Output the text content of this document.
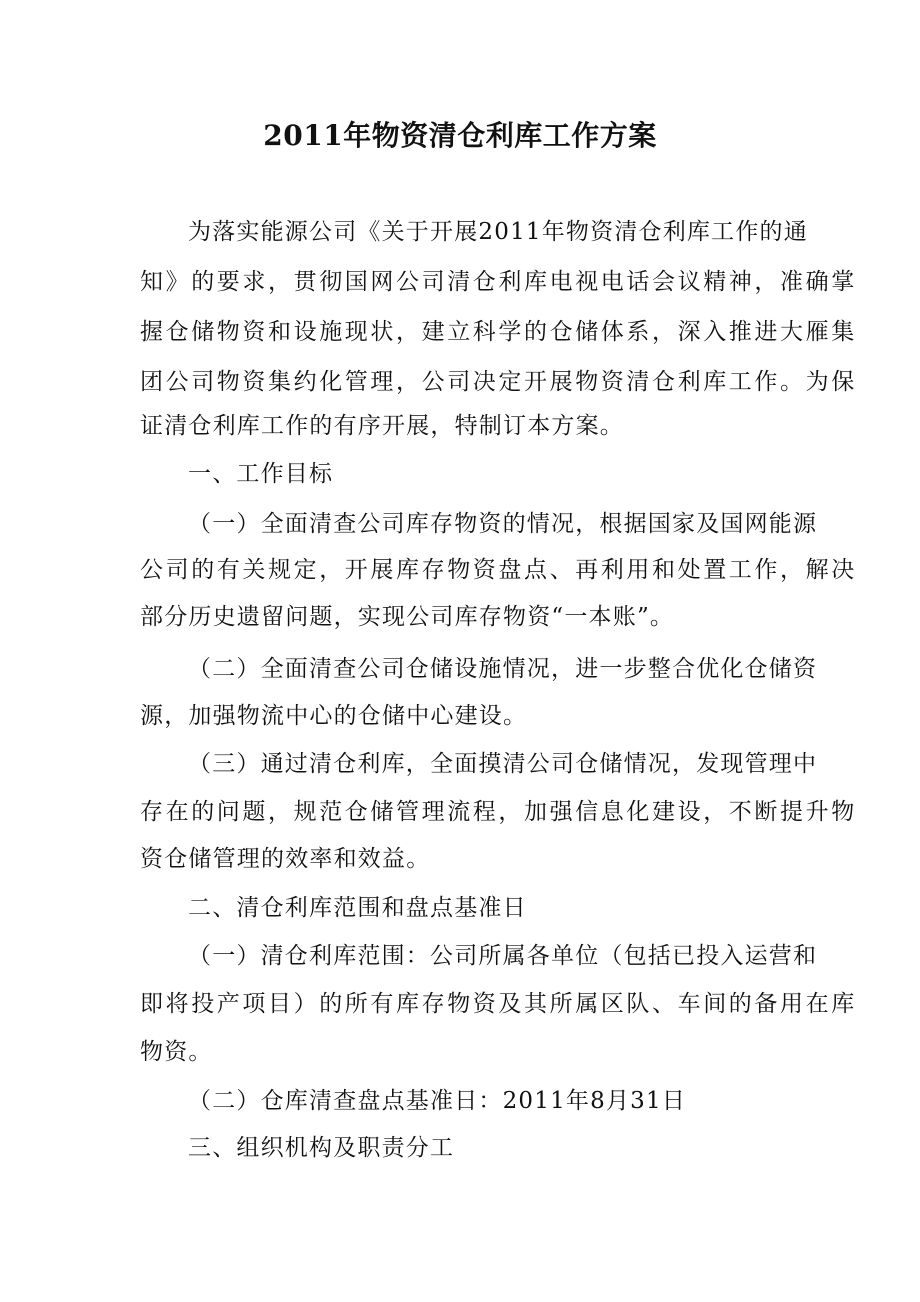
2011年物资清仓利库工作方案
为落实能源公司《关于开展2011年物资清仓利库工作的通
知》的要求，贯彻国网公司清仓利库电视电话会议精神，准确掌
握仓储物资和设施现状，建立科学的仓储体系，深入推进大雁集
团公司物资集约化管理，公司决定开展物资清仓利库工作。为保
证清仓利库工作的有序开展，特制订本方案。
一、工作目标
（一）全面清查公司库存物资的情况，根据国家及国网能源
公司的有关规定，开展库存物资盘点、再利用和处置工作，解决
部分历史遗留问题，实现公司库存物资“一本账”。
（二）全面清查公司仓储设施情况，进一步整合优化仓储资
源，加强物流中心的仓储中心建设。
（三）通过清仓利库，全面摸清公司仓储情况，发现管理中
存在的问题，规范仓储管理流程，加强信息化建设，不断提升物
资仓储管理的效率和效益。
二、清仓利库范围和盘点基准日
（一）清仓利库范围：公司所属各单位（包括已投入运营和
即将投产项目）的所有库存物资及其所属区队、车间的备用在库
物资。
（二）仓库清查盘点基准日：2011年8月31日
三、组织机构及职责分工
